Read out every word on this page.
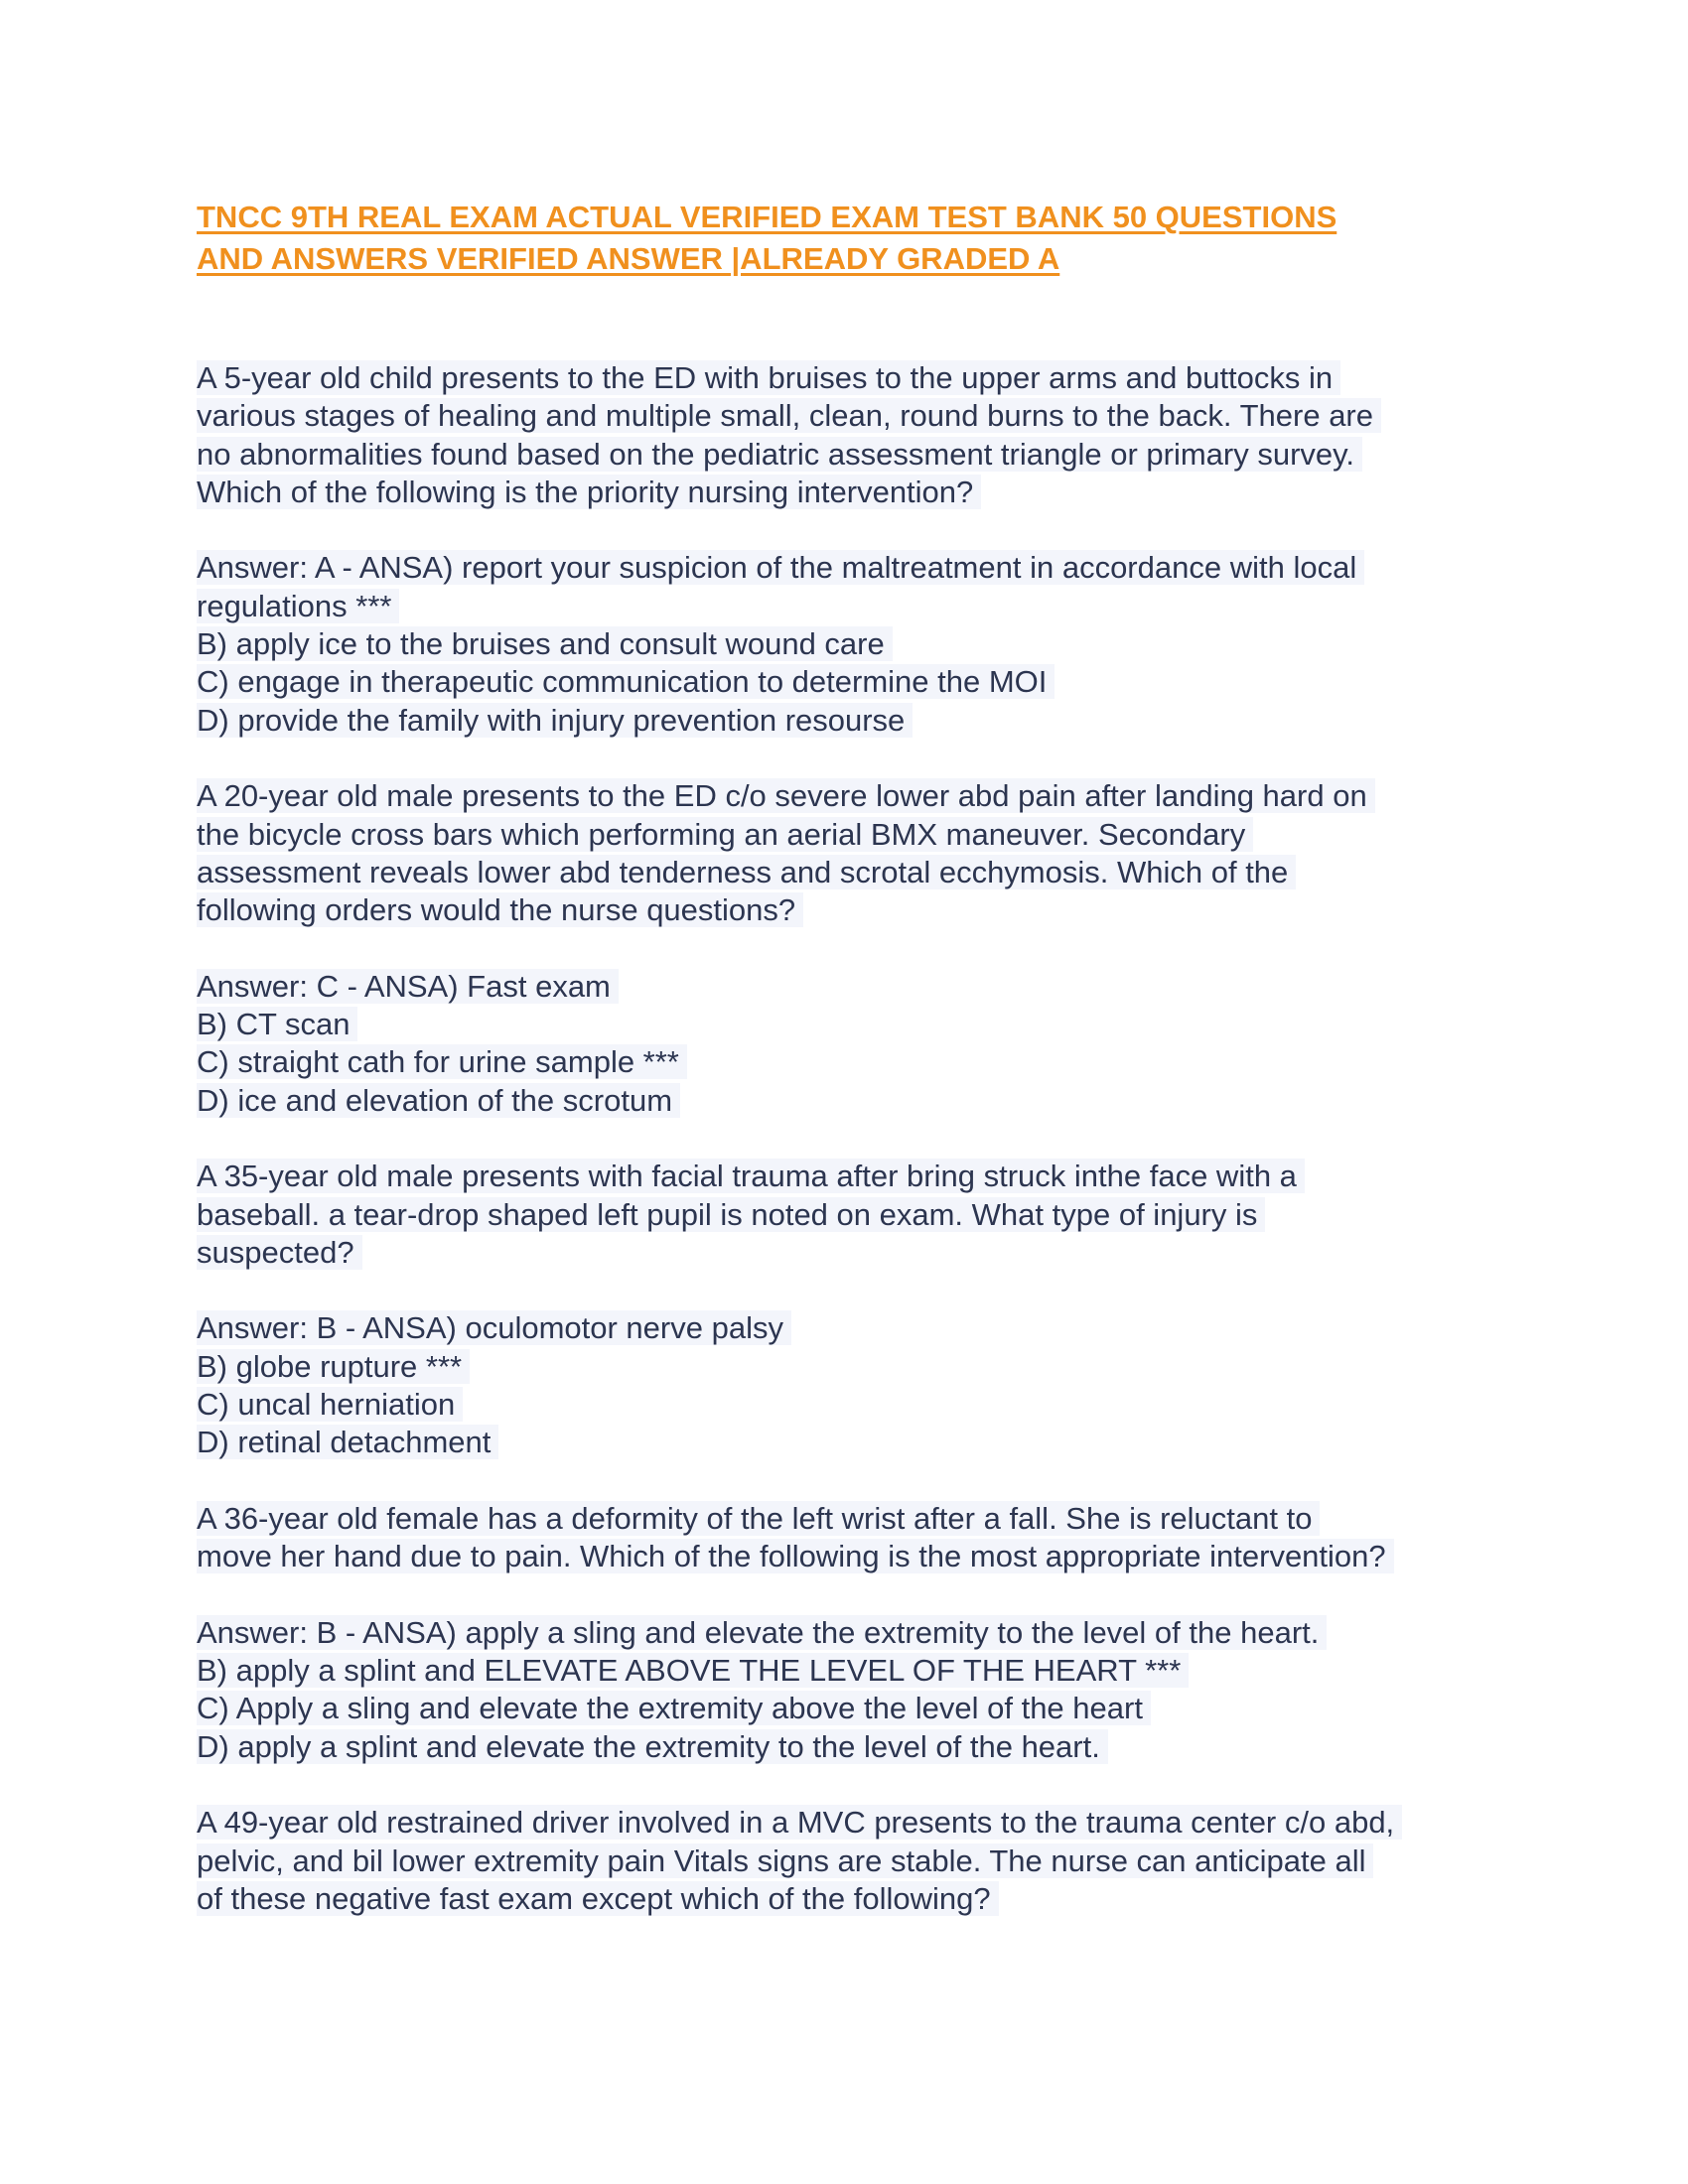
TNCC 9TH REAL EXAM ACTUAL VERIFIED EXAM TEST BANK 50 QUESTIONS
AND ANSWERS VERIFIED ANSWER |ALREADY GRADED A
A 5-year old child presents to the ED with bruises to the upper arms and buttocks in
various stages of healing and multiple small, clean, round burns to the back. There are
no abnormalities found based on the pediatric assessment triangle or primary survey.
Which of the following is the priority nursing intervention?
Answer: A - ANSA) report your suspicion of the maltreatment in accordance with local
regulations ***
B) apply ice to the bruises and consult wound care
C) engage in therapeutic communication to determine the MOI
D) provide the family with injury prevention resourse
A 20-year old male presents to the ED c/o severe lower abd pain after landing hard on
the bicycle cross bars which performing an aerial BMX maneuver. Secondary
assessment reveals lower abd tenderness and scrotal ecchymosis. Which of the
following orders would the nurse questions?
Answer: C - ANSA) Fast exam
B) CT scan
C) straight cath for urine sample ***
D) ice and elevation of the scrotum
A 35-year old male presents with facial trauma after bring struck inthe face with a
baseball. a tear-drop shaped left pupil is noted on exam. What type of injury is
suspected?
Answer: B - ANSA) oculomotor nerve palsy
B) globe rupture ***
C) uncal herniation
D) retinal detachment
A 36-year old female has a deformity of the left wrist after a fall. She is reluctant to
move her hand due to pain. Which of the following is the most appropriate intervention?
Answer: B - ANSA) apply a sling and elevate the extremity to the level of the heart.
B) apply a splint and ELEVATE ABOVE THE LEVEL OF THE HEART ***
C) Apply a sling and elevate the extremity above the level of the heart
D) apply a splint and elevate the extremity to the level of the heart.
A 49-year old restrained driver involved in a MVC presents to the trauma center c/o abd,
pelvic, and bil lower extremity pain Vitals signs are stable. The nurse can anticipate all
of these negative fast exam except which of the following?
